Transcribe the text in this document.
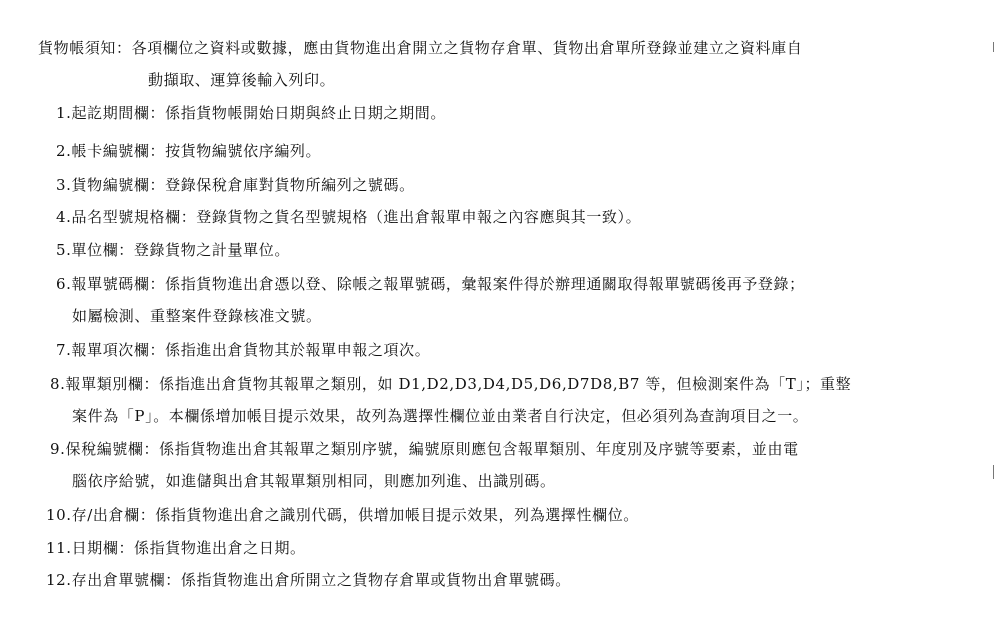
貨物帳須知：各項欄位之資料或數據，應由貨物進出倉開立之貨物存倉單、貨物出倉單所登錄並建立之資料庫自
動擷取、運算後輸入列印。
1.起訖期間欄：係指貨物帳開始日期與終止日期之期間。
2.帳卡編號欄：按貨物編號依序編列。
3.貨物編號欄：登錄保稅倉庫對貨物所編列之號碼。
4.品名型號規格欄：登錄貨物之貨名型號規格（進出倉報單申報之內容應與其一致）。
5.單位欄：登錄貨物之計量單位。
6.報單號碼欄：係指貨物進出倉憑以登、除帳之報單號碼，彙報案件得於辦理通關取得報單號碼後再予登錄；
如屬檢測、重整案件登錄核准文號。
7.報單項次欄：係指進出倉貨物其於報單申報之項次。
8.報單類別欄：係指進出倉貨物其報單之類別，如 D1,D2,D3,D4,D5,D6,D7D8,B7 等，但檢測案件為「T」；重整
案件為「P」。本欄係增加帳目提示效果，故列為選擇性欄位並由業者自行決定，但必須列為查詢項目之一。
9.保稅編號欄：係指貨物進出倉其報單之類別序號，編號原則應包含報單類別、年度別及序號等要素，並由電
腦依序給號，如進儲與出倉其報單類別相同，則應加列進、出識別碼。
10.存/出倉欄：係指貨物進出倉之識別代碼，供增加帳目提示效果，列為選擇性欄位。
11.日期欄：係指貨物進出倉之日期。
12.存出倉單號欄：係指貨物進出倉所開立之貨物存倉單或貨物出倉單號碼。
